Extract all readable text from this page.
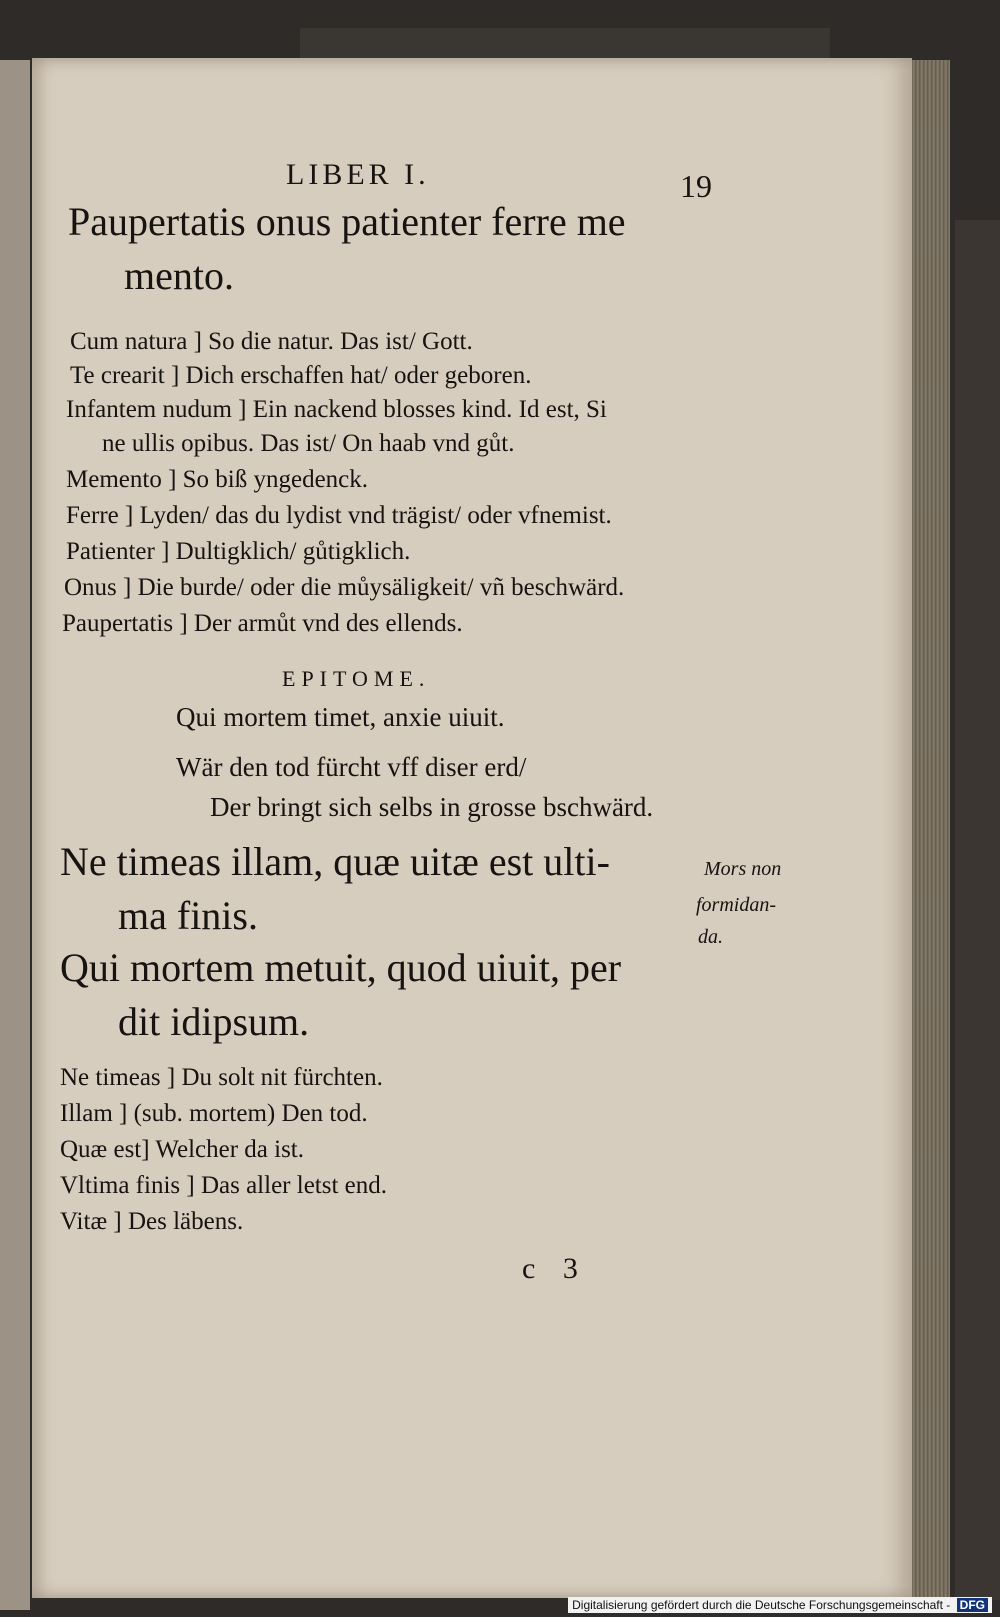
LIBER I.	19
Paupertatis onus patienter ferre me
mento.
Cum natura ] So die natur. Das ist/ Gott.
Te crearit ] Dich erschaffen hat/ oder geboren.
Infantem nudum ] Ein nackend blosses kind. Id est, Si
ne ullis opibus. Das ist/ On haab vnd gůt.
Memento ] So biß yngedenck.
Ferre ] Lyden/ das du lydist vnd trägist/ oder vfnemist.
Patienter ] Dultigklich/ gůtigklich.
Onus ] Die burde/ oder die můysäligkeit/ vñ beschwärd.
Paupertatis ] Der armůt vnd des ellends.
EPITOME.
Qui mortem timet, anxie uiuit.
Wär den tod fürcht vff diser erd/
Der bringt sich selbs in grosse bschwärd.
Ne timeas illam, quæ uitæ est ulti-
ma finis.
Qui mortem metuit, quod uiuit, per
dit idipsum.
Mors non
formidan-
da.
Ne timeas ] Du solt nit fürchten.
Illam ] (sub. mortem) Den tod.
Quæ est] Welcher da ist.
Vltima finis ] Das aller letst end.
Vitæ ] Des läbens.
c 3
Digitalisierung gefördert durch die Deutsche Forschungsgemeinschaft - DFG
